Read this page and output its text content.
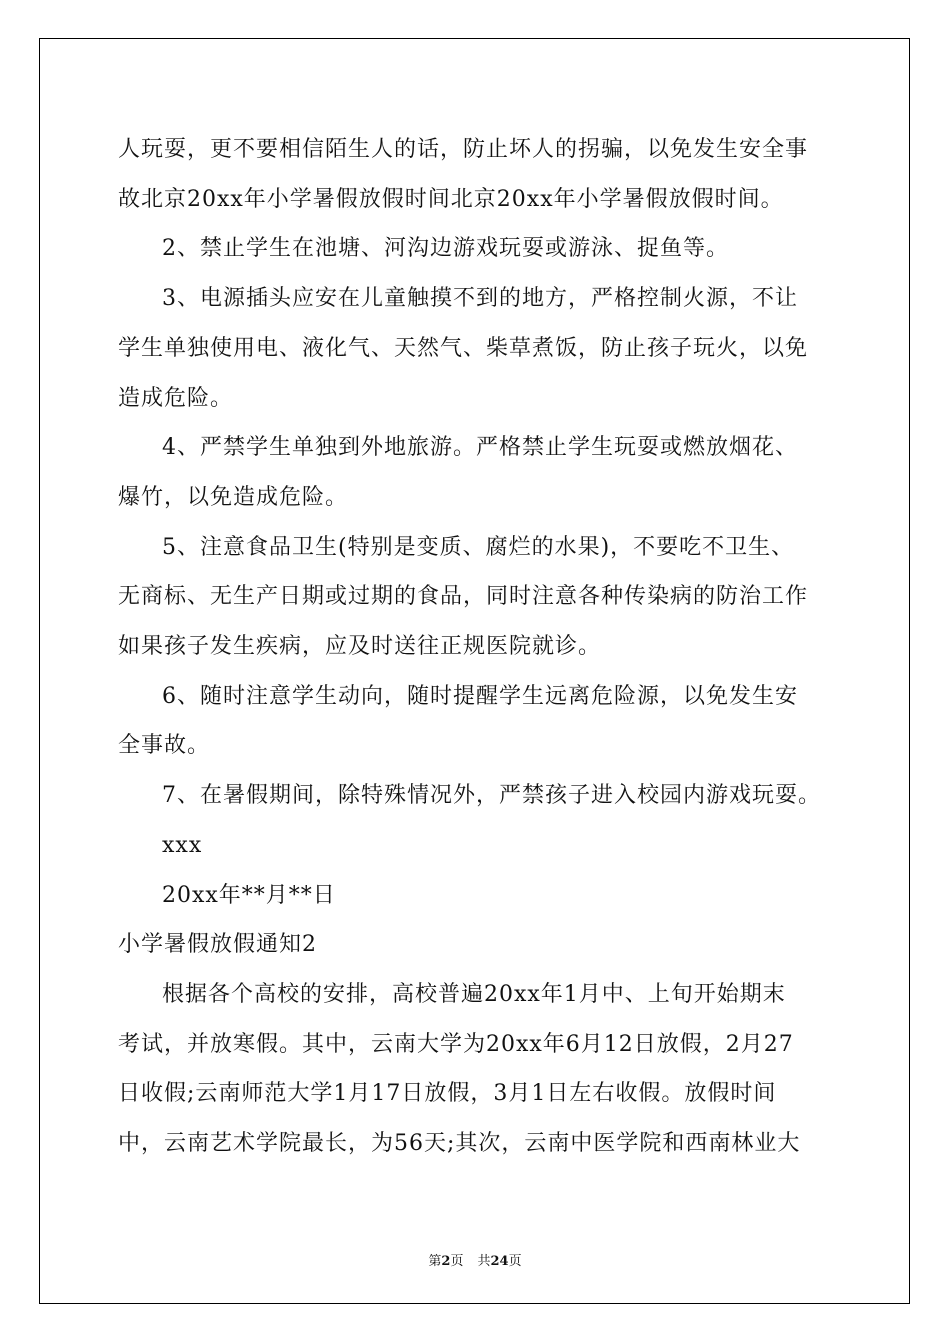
人玩耍，更不要相信陌生人的话，防止坏人的拐骗，以免发生安全事

故北京20xx年小学暑假放假时间北京20xx年小学暑假放假时间。

2、禁止学生在池塘、河沟边游戏玩耍或游泳、捉鱼等。

3、电源插头应安在儿童触摸不到的地方，严格控制火源，不让

学生单独使用电、液化气、天然气、柴草煮饭，防止孩子玩火，以免

造成危险。

4、严禁学生单独到外地旅游。严格禁止学生玩耍或燃放烟花、

爆竹，以免造成危险。

5、注意食品卫生(特别是变质、腐烂的水果)，不要吃不卫生、

无商标、无生产日期或过期的食品，同时注意各种传染病的防治工作

如果孩子发生疾病，应及时送往正规医院就诊。

6、随时注意学生动向，随时提醒学生远离危险源，以免发生安

全事故。

7、在暑假期间，除特殊情况外，严禁孩子进入校园内游戏玩耍。

xxx

20xx年**月**日

小学暑假放假通知2

根据各个高校的安排，高校普遍20xx年1月中、上旬开始期末

考试，并放寒假。其中，云南大学为20xx年6月12日放假，2月27

日收假;云南师范大学1月17日放假，3月1日左右收假。放假时间

中，云南艺术学院最长，为56天;其次，云南中医学院和西南林业大

第2页 共24页
